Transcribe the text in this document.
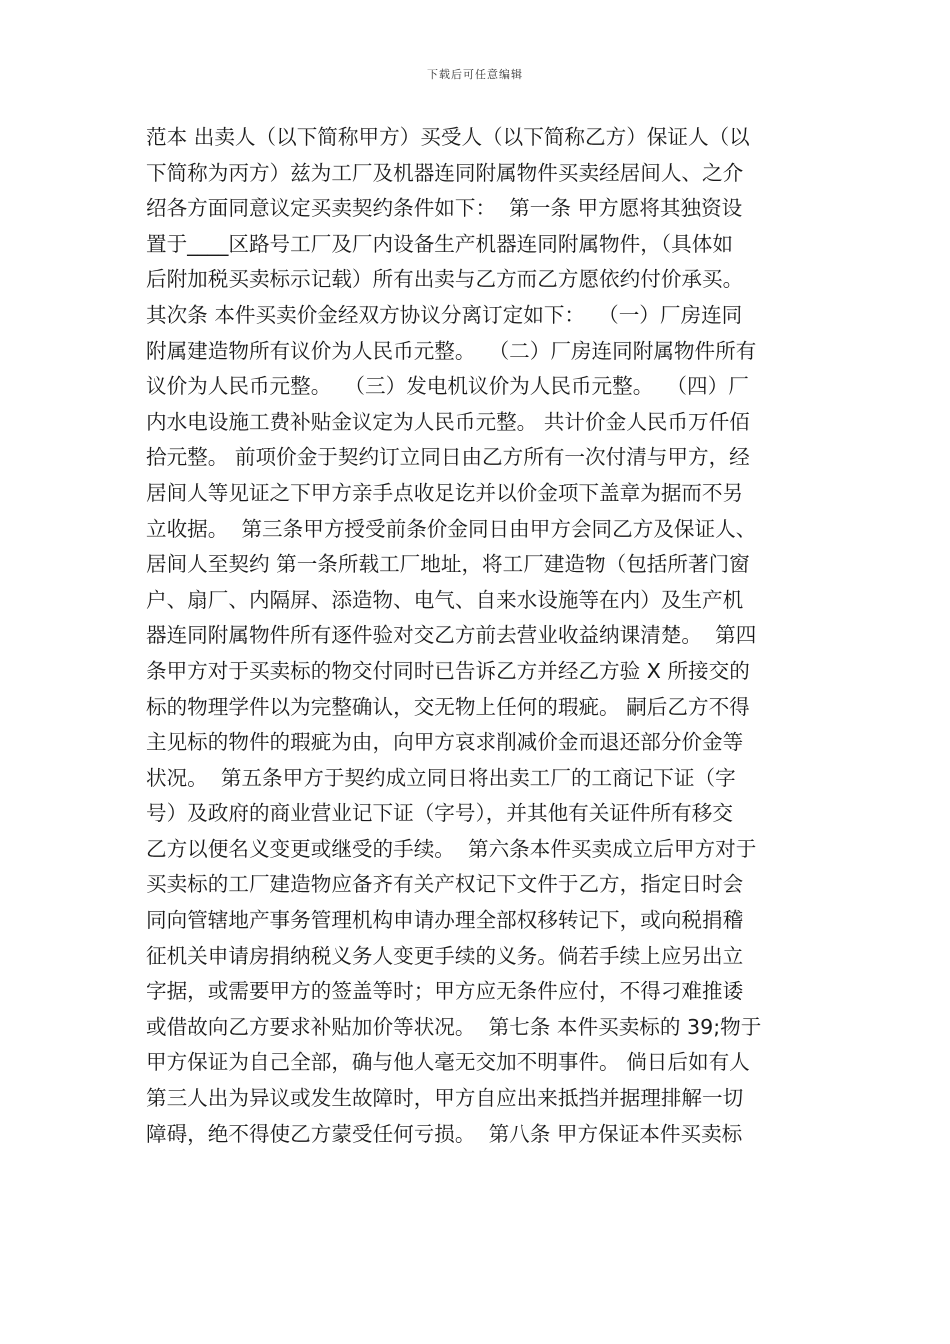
下载后可任意编辑
范本 出卖人（以下简称甲方）买受人（以下简称乙方）保证人（以
下简称为丙方）兹为工厂及机器连同附属物件买卖经居间人、之介
绍各方面同意议定买卖契约条件如下：  第一条 甲方愿将其独资设
置于____区路号工厂及厂内设备生产机器连同附属物件，（具体如
后附加税买卖标示记载）所有出卖与乙方而乙方愿依约付价承买。
其次条 本件买卖价金经双方协议分离订定如下：  （一）厂房连同
附属建造物所有议价为人民币元整。  （二）厂房连同附属物件所有
议价为人民币元整。  （三）发电机议价为人民币元整。  （四）厂
内水电设施工费补贴金议定为人民币元整。 共计价金人民币万仟佰
拾元整。 前项价金于契约订立同日由乙方所有一次付清与甲方，经
居间人等见证之下甲方亲手点收足讫并以价金项下盖章为据而不另
立收据。  第三条甲方授受前条价金同日由甲方会同乙方及保证人、
居间人至契约 第一条所载工厂地址，将工厂建造物（包括所著门窗
户、扇厂、内隔屏、添造物、电气、自来水设施等在内）及生产机
器连同附属物件所有逐件验对交乙方前去营业收益纳课清楚。  第四
条甲方对于买卖标的物交付同时已告诉乙方并经乙方验 X 所接交的
标的物理学件以为完整确认，交无物上任何的瑕疵。 嗣后乙方不得
主见标的物件的瑕疵为由，向甲方哀求削减价金而退还部分价金等
状况。  第五条甲方于契约成立同日将出卖工厂的工商记下证（字
号）及政府的商业营业记下证（字号），并其他有关证件所有移交
乙方以便名义变更或继受的手续。  第六条本件买卖成立后甲方对于
买卖标的工厂建造物应备齐有关产权记下文件于乙方，指定日时会
同向管辖地产事务管理机构申请办理全部权移转记下，或向税捐稽
征机关申请房捐纳税义务人变更手续的义务。倘若手续上应另出立
字据，或需要甲方的签盖等时；甲方应无条件应付，不得刁难推诿
或借故向乙方要求补贴加价等状况。  第七条 本件买卖标的 39;物于
甲方保证为自己全部，确与他人毫无交加不明事件。 倘日后如有人
第三人出为异议或发生故障时，甲方自应出来抵挡并据理排解一切
障碍，绝不得使乙方蒙受任何亏损。  第八条 甲方保证本件买卖标
